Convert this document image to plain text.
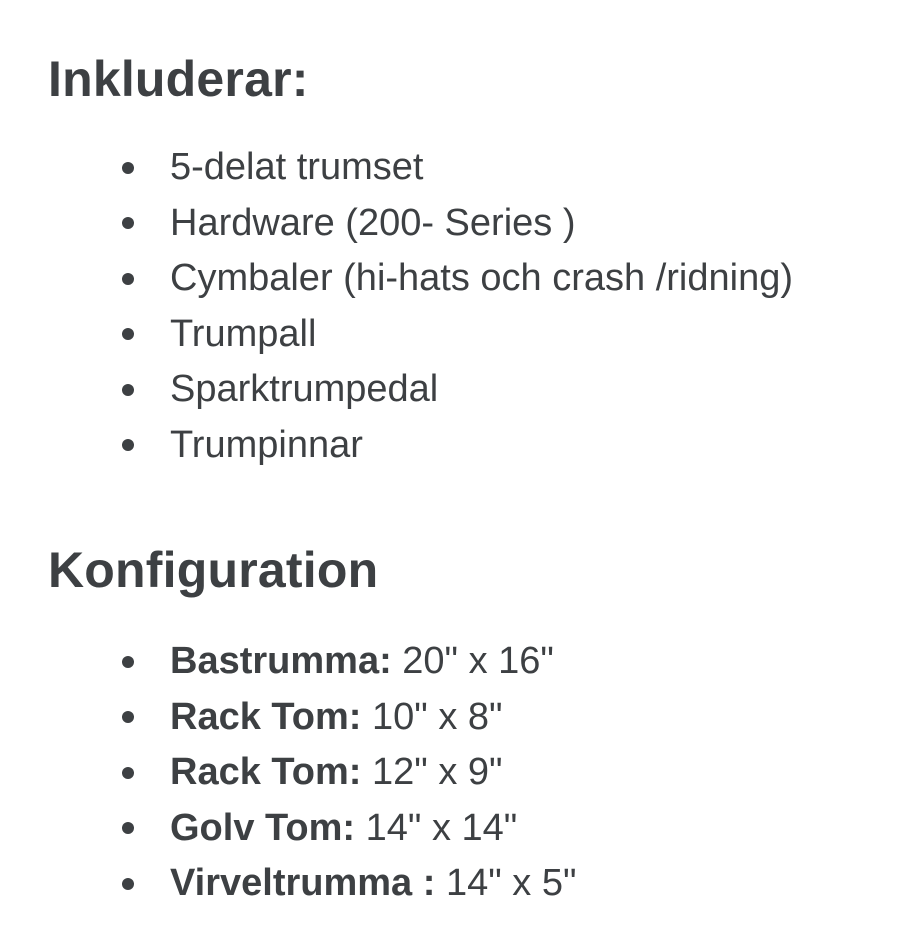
Inkluderar:
5-delat trumset
Hardware (200- Series )
Cymbaler (hi-hats och crash /ridning)
Trumpall
Sparktrumpedal
Trumpinnar
Konfiguration
Bastrumma: 20" x 16"
Rack Tom: 10" x 8"
Rack Tom: 12" x 9"
Golv Tom: 14" x 14"
Virveltrumma : 14" x 5"
